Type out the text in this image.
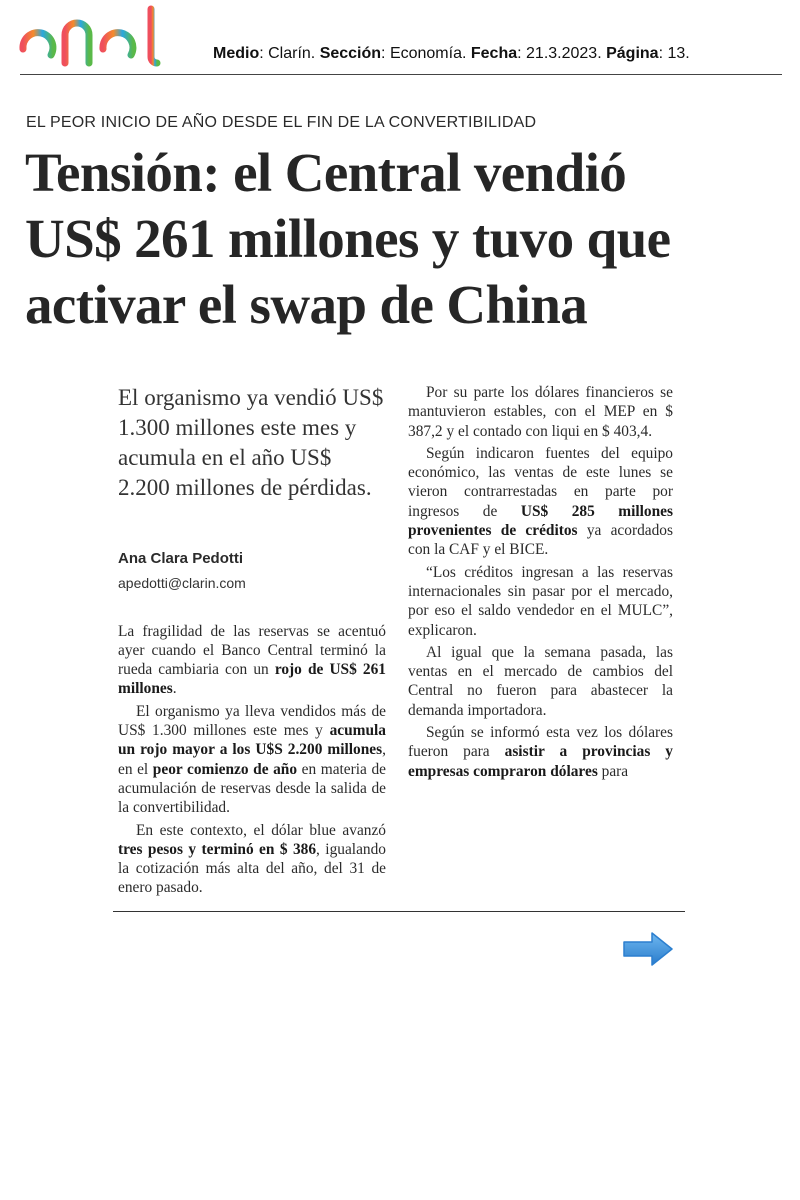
Medio: Clarín. Sección: Economía. Fecha: 21.3.2023. Página: 13.
EL PEOR INICIO DE AÑO DESDE EL FIN DE LA CONVERTIBILIDAD
Tensión: el Central vendió
US$ 261 millones y tuvo que
activar el swap de China
El organismo ya vendió US$ 1.300 millones este mes y acumula en el año US$ 2.200 millones de pérdidas.
Ana Clara Pedotti
apedotti@clarin.com

La fragilidad de las reservas se acentuó ayer cuando el Banco Central terminó la rueda cambiaria con un rojo de US$ 261 millones.

El organismo ya lleva vendidos más de US$ 1.300 millones este mes y acumula un rojo mayor a los U$S 2.200 millones, en el peor comienzo de año en materia de acumulación de reservas desde la salida de la convertibilidad.

En este contexto, el dólar blue avanzó tres pesos y terminó en $ 386, igualando la cotización más alta del año, del 31 de enero pasado.

Por su parte los dólares financieros se mantuvieron estables, con el MEP en $ 387,2 y el contado con liqui en $ 403,4.

Según indicaron fuentes del equipo económico, las ventas de este lunes se vieron contrarrestadas en parte por ingresos de US$ 285 millones provenientes de créditos ya acordados con la CAF y el BICE.

“Los créditos ingresan a las reservas internacionales sin pasar por el mercado, por eso el saldo vendedor en el MULC”, explicaron.

Al igual que la semana pasada, las ventas en el mercado de cambios del Central no fueron para abastecer la demanda importadora.

Según se informó esta vez los dólares fueron para asistir a provincias y empresas compraron dólares para
